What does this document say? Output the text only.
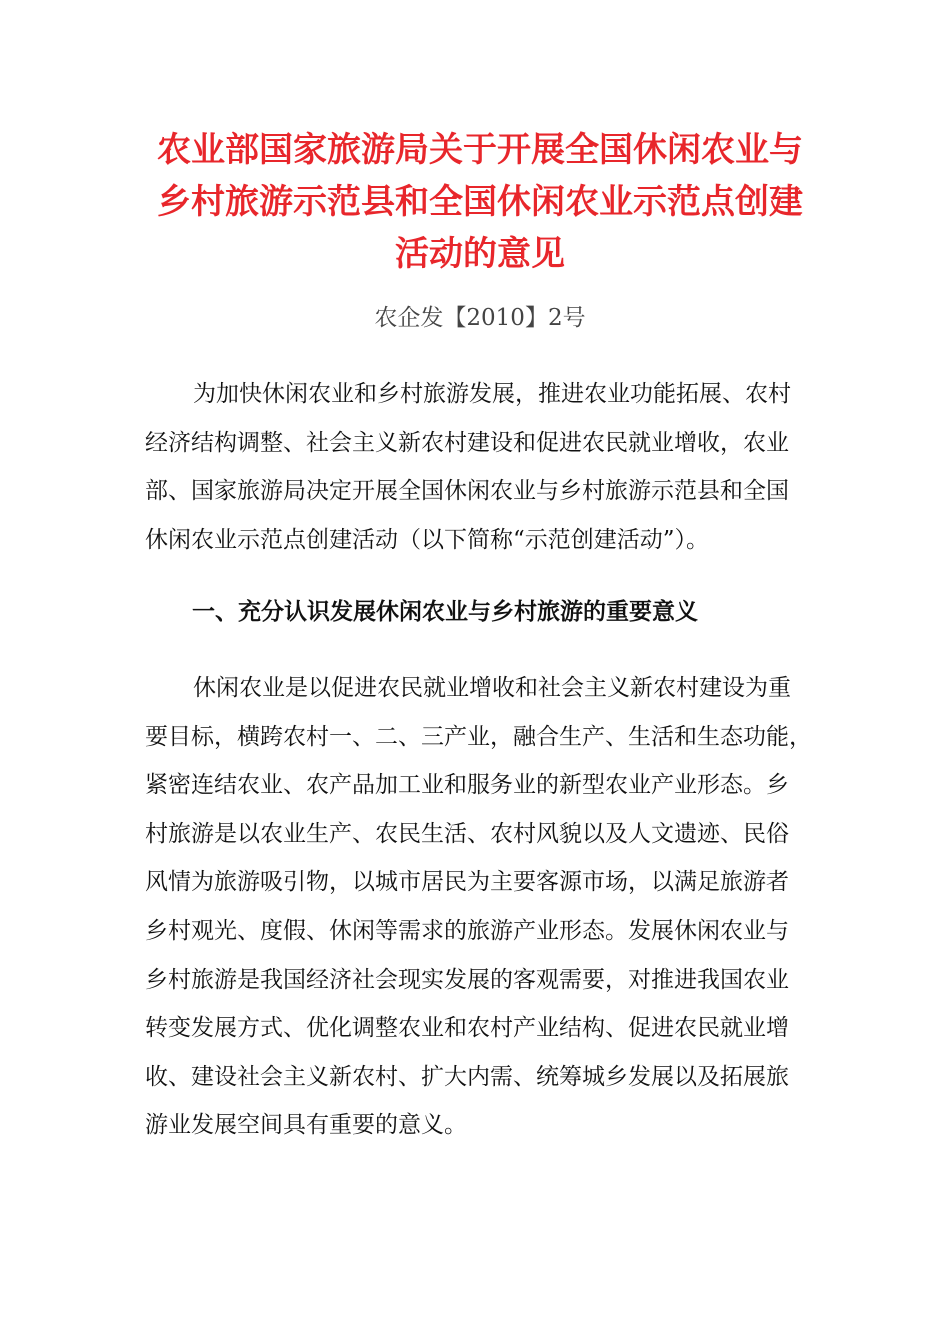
农业部国家旅游局关于开展全国休闲农业与
乡村旅游示范县和全国休闲农业示范点创建
活动的意见
农企发【2010】2号
为加快休闲农业和乡村旅游发展，推进农业功能拓展、农村
经济结构调整、社会主义新农村建设和促进农民就业增收，农业
部、国家旅游局决定开展全国休闲农业与乡村旅游示范县和全国
休闲农业示范点创建活动（以下简称“示范创建活动”）。
一、充分认识发展休闲农业与乡村旅游的重要意义
休闲农业是以促进农民就业增收和社会主义新农村建设为重
要目标，横跨农村一、二、三产业，融合生产、生活和生态功能，
紧密连结农业、农产品加工业和服务业的新型农业产业形态。乡
村旅游是以农业生产、农民生活、农村风貌以及人文遗迹、民俗
风情为旅游吸引物，以城市居民为主要客源市场，以满足旅游者
乡村观光、度假、休闲等需求的旅游产业形态。发展休闲农业与
乡村旅游是我国经济社会现实发展的客观需要，对推进我国农业
转变发展方式、优化调整农业和农村产业结构、促进农民就业增
收、建设社会主义新农村、扩大内需、统筹城乡发展以及拓展旅
游业发展空间具有重要的意义。
